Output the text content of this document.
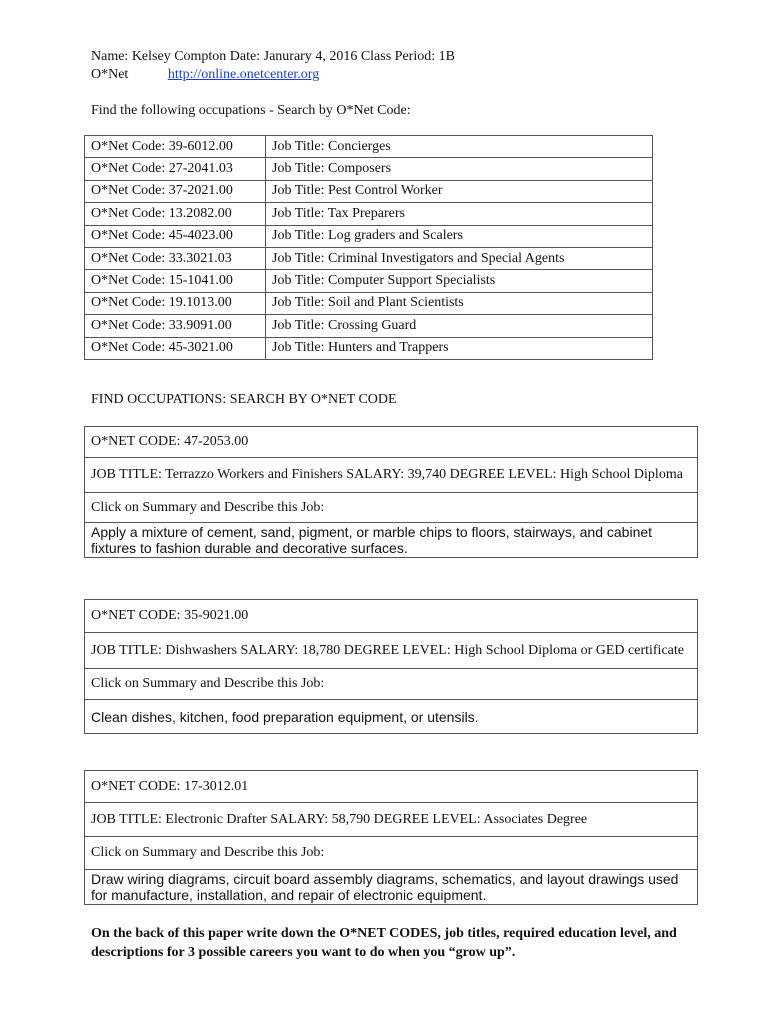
Name: Kelsey Compton Date: Janurary 4, 2016 Class Period: 1B
O*Net	http://online.onetcenter.org
Find the following occupations - Search by O*Net Code:
O*Net Code: 39-6012.00	Job Title: Concierges
O*Net Code: 27-2041.03	Job Title: Composers
O*Net Code: 37-2021.00	Job Title: Pest Control Worker
O*Net Code: 13.2082.00	Job Title: Tax Preparers
O*Net Code: 45-4023.00	Job Title: Log graders and Scalers
O*Net Code: 33.3021.03	Job Title: Criminal Investigators and Special Agents
O*Net Code: 15-1041.00	Job Title: Computer Support Specialists
O*Net Code: 19.1013.00	Job Title: Soil and Plant Scientists
O*Net Code: 33.9091.00	Job Title: Crossing Guard
O*Net Code: 45-3021.00	Job Title: Hunters and Trappers
FIND OCCUPATIONS: SEARCH BY O*NET CODE
O*NET CODE: 47-2053.00
JOB TITLE: Terrazzo Workers and Finishers SALARY: 39,740 DEGREE LEVEL: High School Diploma
Click on Summary and Describe this Job:
Apply a mixture of cement, sand, pigment, or marble chips to floors, stairways, and cabinet fixtures to fashion durable and decorative surfaces.
O*NET CODE: 35-9021.00
JOB TITLE: Dishwashers SALARY: 18,780 DEGREE LEVEL: High School Diploma or GED certificate
Click on Summary and Describe this Job:
Clean dishes, kitchen, food preparation equipment, or utensils.
O*NET CODE: 17-3012.01
JOB TITLE: Electronic Drafter SALARY: 58,790 DEGREE LEVEL: Associates Degree
Click on Summary and Describe this Job:
Draw wiring diagrams, circuit board assembly diagrams, schematics, and layout drawings used for manufacture, installation, and repair of electronic equipment.
On the back of this paper write down the O*NET CODES, job titles, required education level, and descriptions for 3 possible careers you want to do when you “grow up”.
